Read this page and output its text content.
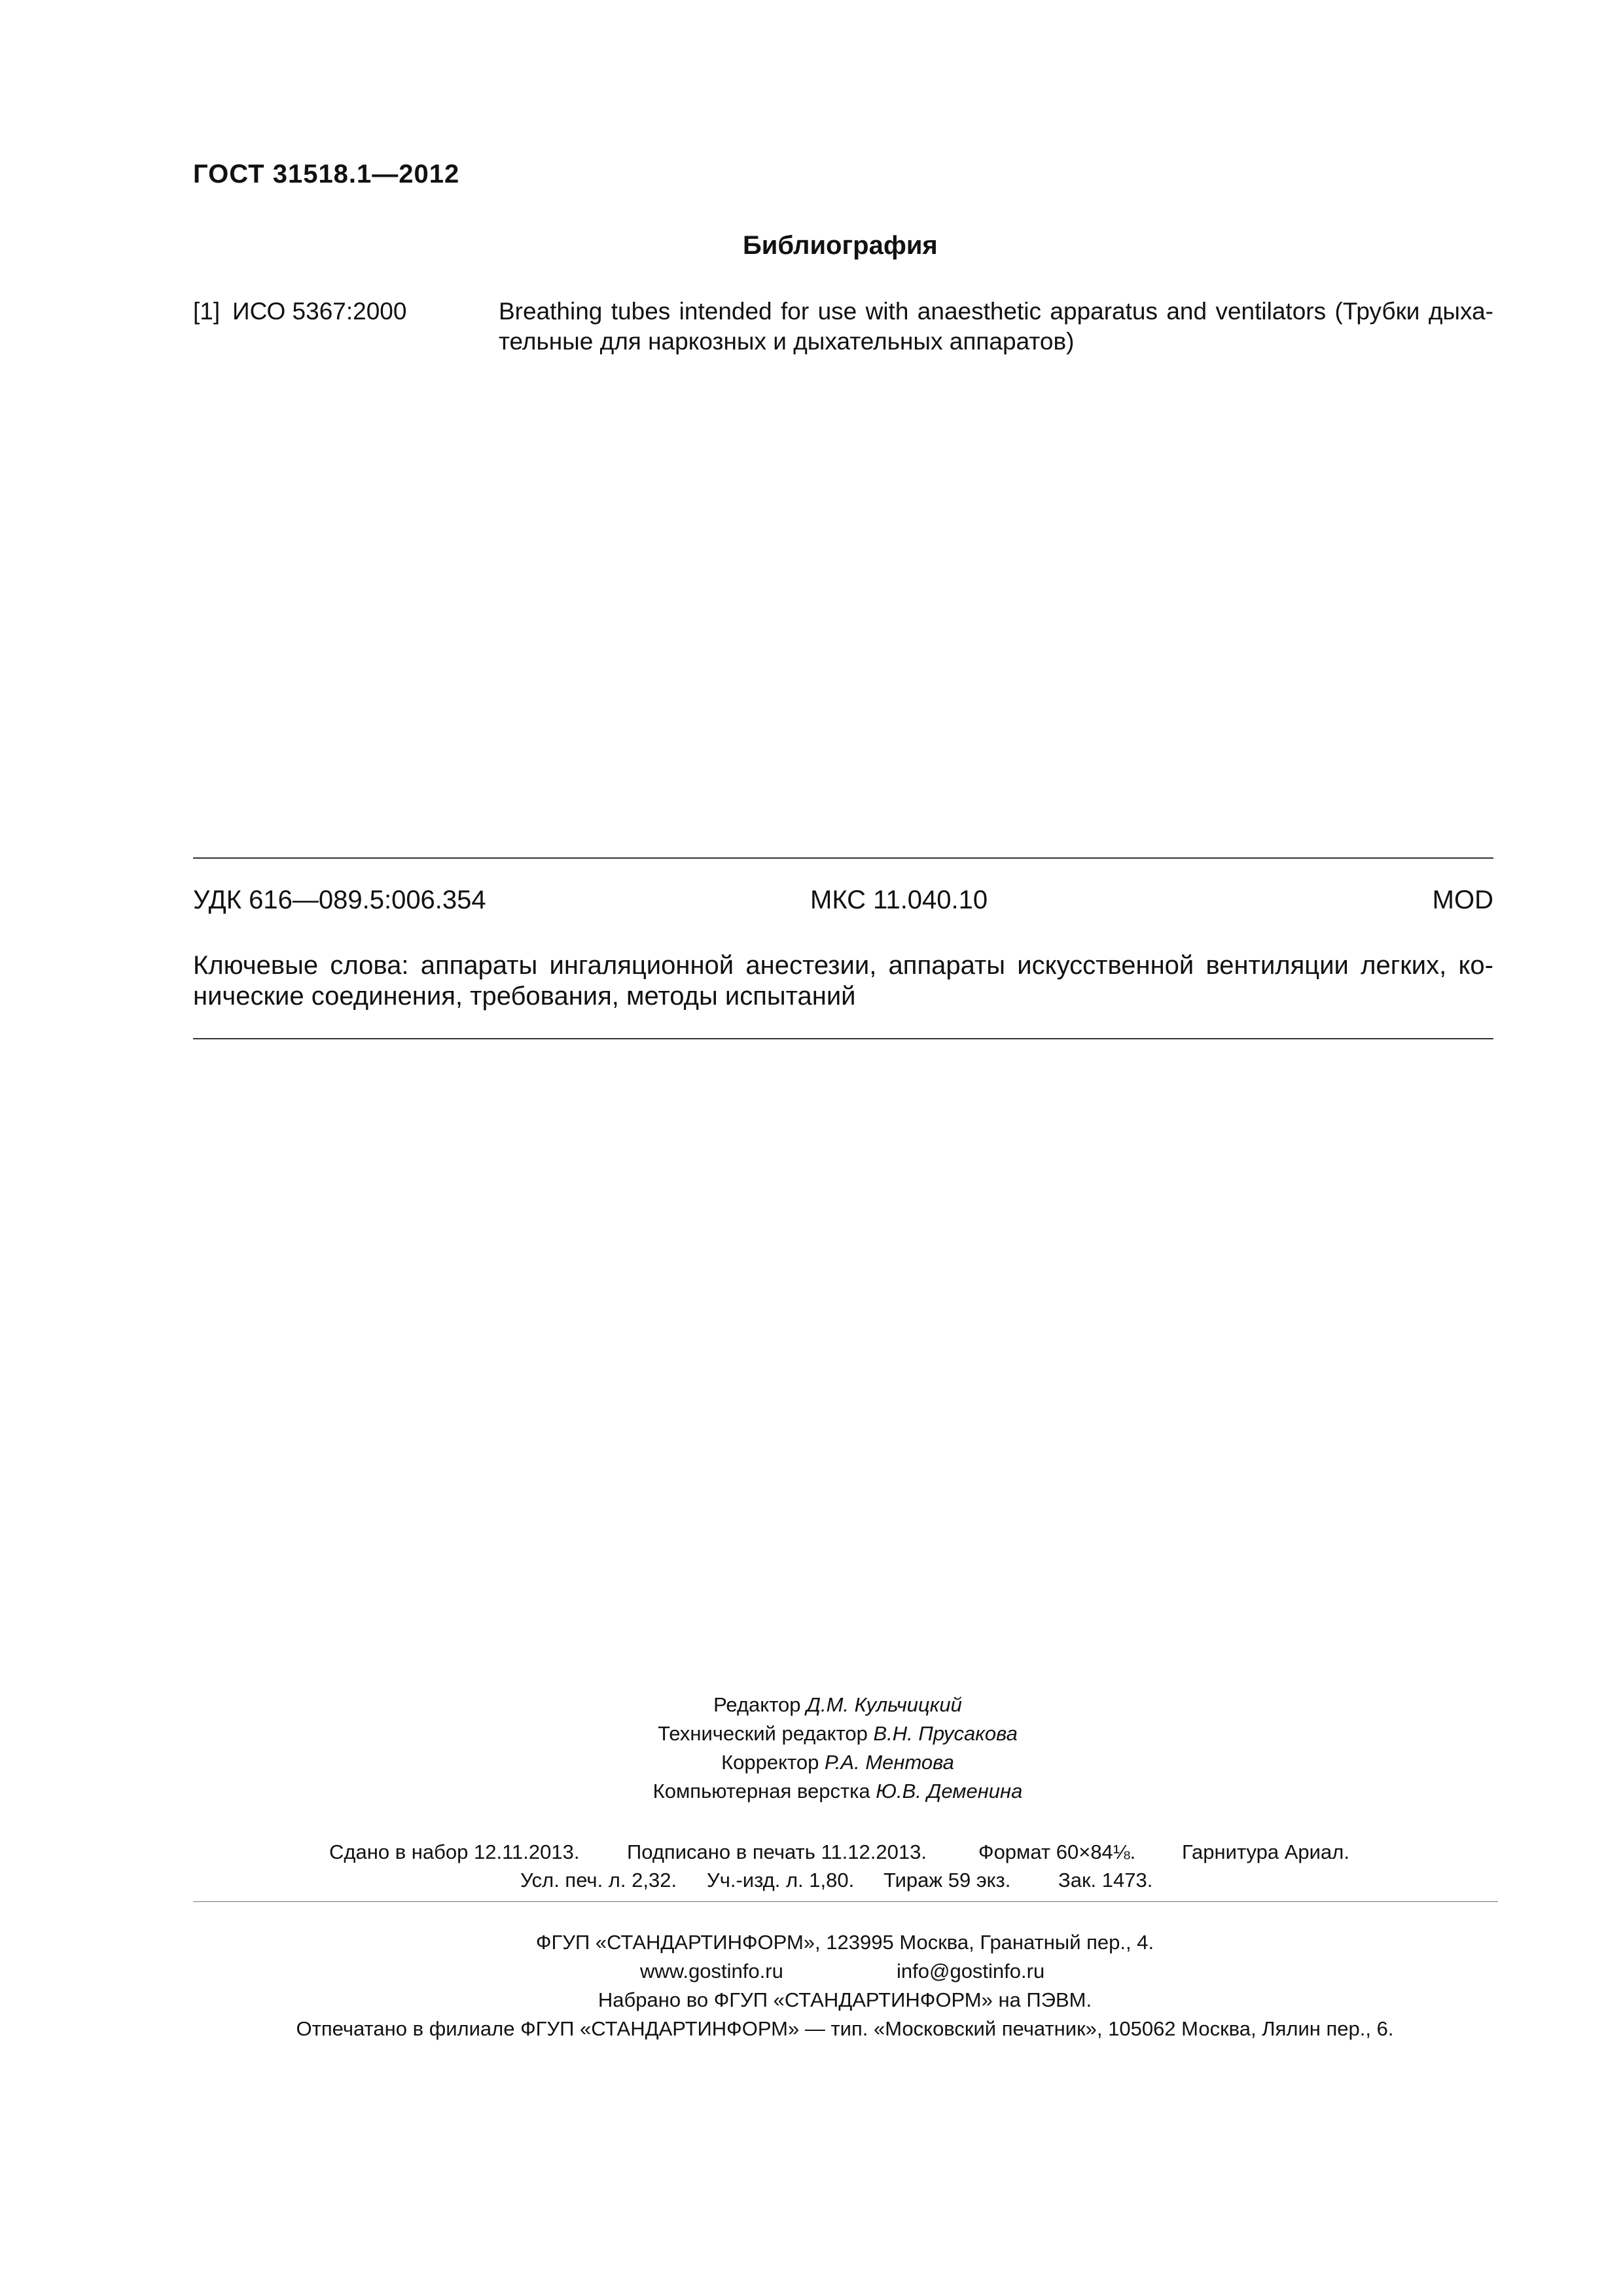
ГОСТ 31518.1—2012
Библиография
[1] ИСО 5367:2000	Breathing tubes intended for use with anaesthetic apparatus and ventilators (Трубки дыха-
тельные для наркозных и дыхательных аппаратов)
УДК 616—089.5:006.354	МКС 11.040.10	MOD
Ключевые слова: аппараты ингаляционной анестезии, аппараты искусственной вентиляции легких, ко-
нические соединения, требования, методы испытаний
Редактор Д.М. Кульчицкий
Технический редактор В.Н. Прусакова
Корректор Р.А. Ментова
Компьютерная верстка Ю.В. Деменина
Сдано в набор 12.11.2013. Подписано в печать 11.12.2013.	Формат 60×84⅛. Гарнитура Ариал.
Усл. печ. л. 2,32. Уч.-изд. л. 1,80. Тираж 59 экз. Зак. 1473.
ФГУП «СТАНДАРТИНФОРМ», 123995 Москва, Гранатный пер., 4.
www.gostinfo.ru	info@gostinfo.ru
Набрано во ФГУП «СТАНДАРТИНФОРМ» на ПЭВМ.
Отпечатано в филиале ФГУП «СТАНДАРТИНФОРМ» — тип. «Московский печатник», 105062 Москва, Лялин пер., 6.
